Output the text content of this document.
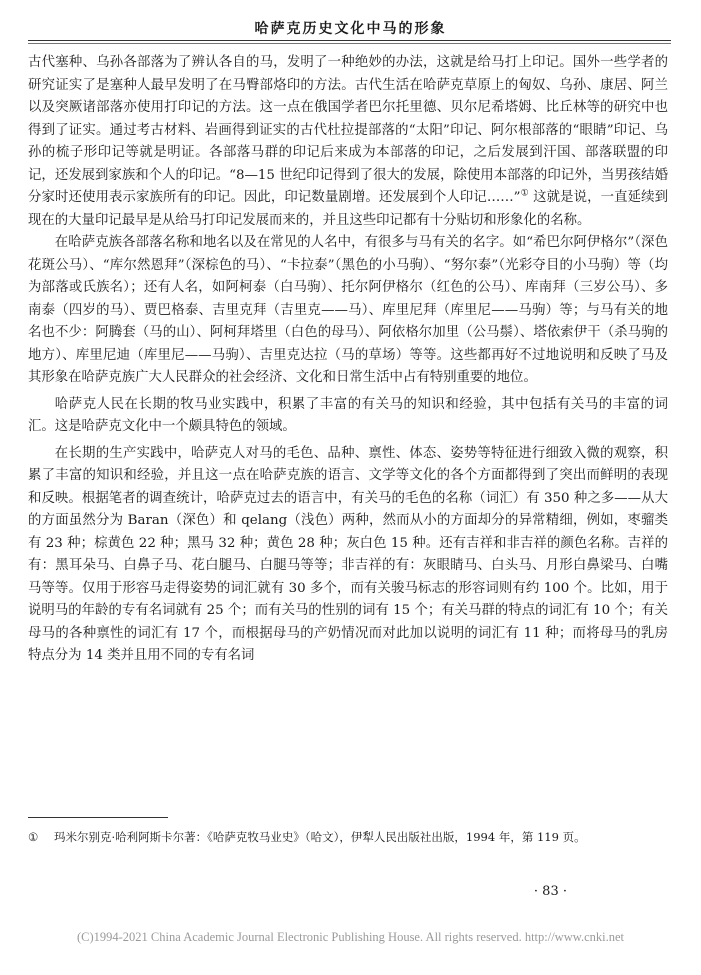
哈萨克历史文化中马的形象

古代塞种、乌孙各部落为了辨认各自的马，发明了一种绝妙的办法，这就是给马打上印记。国外一些学者的研究证实了是塞种人最早发明了在马臀部烙印的方法。古代生活在哈萨克草原上的匈奴、乌孙、康居、阿兰以及突厥诸部落亦使用打印记的方法。这一点在俄国学者巴尔托里德、贝尔尼希塔姆、比丘林等的研究中也得到了证实。通过考古材料、岩画得到证实的古代杜拉提部落的“太阳”印记、阿尔根部落的“眼睛”印记、乌孙的梳子形印记等就是明证。各部落马群的印记后来成为本部落的印记，之后发展到汗国、部落联盟的印记，还发展到家族和个人的印记。“8—15 世纪印记得到了很大的发展，除使用本部落的印记外，当男孩结婚分家时还使用表示家族所有的印记。因此，印记数量剧增。还发展到个人印记……”① 这就是说，一直延续到现在的大量印记最早是从给马打印记发展而来的，并且这些印记都有十分贴切和形象化的名称。

在哈萨克族各部落名称和地名以及在常见的人名中，有很多与马有关的名字。如“希巴尔阿伊格尔”（深色花斑公马）、“库尔然恩拜”（深棕色的马）、“卡拉泰”（黑色的小马驹）、“努尔泰”（光彩夺目的小马驹）等（均为部落或氏族名）；还有人名，如阿柯泰（白马驹）、托尔阿伊格尔（红色的公马）、库南拜（三岁公马）、多南泰（四岁的马）、贾巴格泰、吉里克拜（吉里克——马）、库里尼拜（库里尼——马驹）等；与马有关的地名也不少：阿腾套（马的山）、阿柯拜塔里（白色的母马）、阿依格尔加里（公马鬃）、塔依索伊干（杀马驹的地方）、库里尼迪（库里尼——马驹）、吉里克达拉（马的草场）等等。这些都再好不过地说明和反映了马及其形象在哈萨克族广大人民群众的社会经济、文化和日常生活中占有特别重要的地位。

哈萨克人民在长期的牧马业实践中，积累了丰富的有关马的知识和经验，其中包括有关马的丰富的词汇。这是哈萨克文化中一个颇具特色的领域。

在长期的生产实践中，哈萨克人对马的毛色、品种、禀性、体态、姿势等特征进行细致入微的观察，积累了丰富的知识和经验，并且这一点在哈萨克族的语言、文学等文化的各个方面都得到了突出而鲜明的表现和反映。根据笔者的调查统计，哈萨克过去的语言中，有关马的毛色的名称（词汇）有 350 种之多——从大的方面虽然分为 Baran（深色）和 qelang（浅色）两种，然而从小的方面却分的异常精细，例如，枣骝类有 23 种；棕黄色 22 种；黑马 32 种；黄色 28 种；灰白色 15 种。还有吉祥和非吉祥的颜色名称。吉祥的有：黑耳朵马、白鼻子马、花白腿马、白腿马等等；非吉祥的有：灰眼睛马、白头马、月形白鼻梁马、白嘴马等等。仅用于形容马走得姿势的词汇就有 30 多个，而有关骏马标志的形容词则有约 100 个。比如，用于说明马的年龄的专有名词就有 25 个；而有关马的性别的词有 15 个；有关马群的特点的词汇有 10 个；有关母马的各种禀性的词汇有 17 个，而根据母马的产奶情况而对此加以说明的词汇有 11 种；而将母马的乳房特点分为 14 类并且用不同的专有名词

① 玛米尔别克·哈利阿斯卡尔著：《哈萨克牧马业史》（哈文），伊犁人民出版社出版，1994 年，第 119 页。
· 83 ·
(C)1994-2021 China Academic Journal Electronic Publishing House. All rights reserved. http://www.cnki.net
